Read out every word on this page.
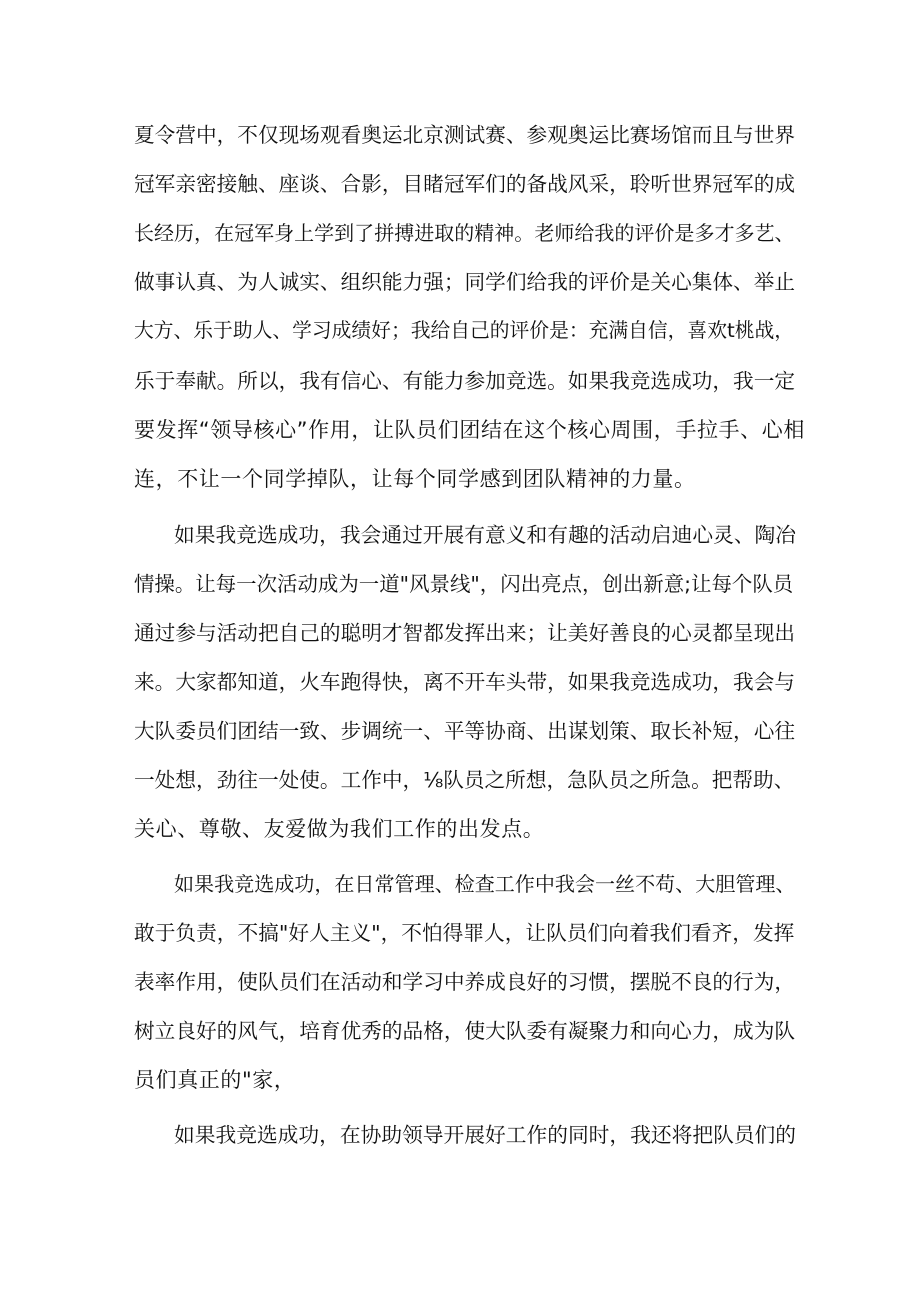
夏令营中，不仅现场观看奥运北京测试赛、参观奥运比赛场馆而且与世界
冠军亲密接触、座谈、合影，目睹冠军们的备战风采，聆听世界冠军的成
长经历，在冠军身上学到了拼搏进取的精神。老师给我的评价是多才多艺、
做事认真、为人诚实、组织能力强；同学们给我的评价是关心集体、举止
大方、乐于助人、学习成绩好；我给自己的评价是：充满自信，喜欢t桃战，
乐于奉献。所以，我有信心、有能力参加竞选。如果我竞选成功，我一定
要发挥“领导核心”作用，让队员们团结在这个核心周围，手拉手、心相
连，不让一个同学掉队，让每个同学感到团队精神的力量。
如果我竞选成功，我会通过开展有意义和有趣的活动启迪心灵、陶冶
情操。让每一次活动成为一道"风景线"，闪出亮点，创出新意;让每个队员
通过参与活动把自己的聪明才智都发挥出来；让美好善良的心灵都呈现出
来。大家都知道，火车跑得快，离不开车头带，如果我竞选成功，我会与
大队委员们团结一致、步调统一、平等协商、出谋划策、取长补短，心往
一处想，劲往一处使。工作中，⅛队员之所想，急队员之所急。把帮助、
关心、尊敬、友爱做为我们工作的出发点。
如果我竞选成功，在日常管理、检查工作中我会一丝不苟、大胆管理、
敢于负责，不搞"好人主义"，不怕得罪人，让队员们向着我们看齐，发挥
表率作用，使队员们在活动和学习中养成良好的习惯，摆脱不良的行为，
树立良好的风气，培育优秀的品格，使大队委有凝聚力和向心力，成为队
员们真正的"家，
如果我竞选成功，在协助领导开展好工作的同时，我还将把队员们的
